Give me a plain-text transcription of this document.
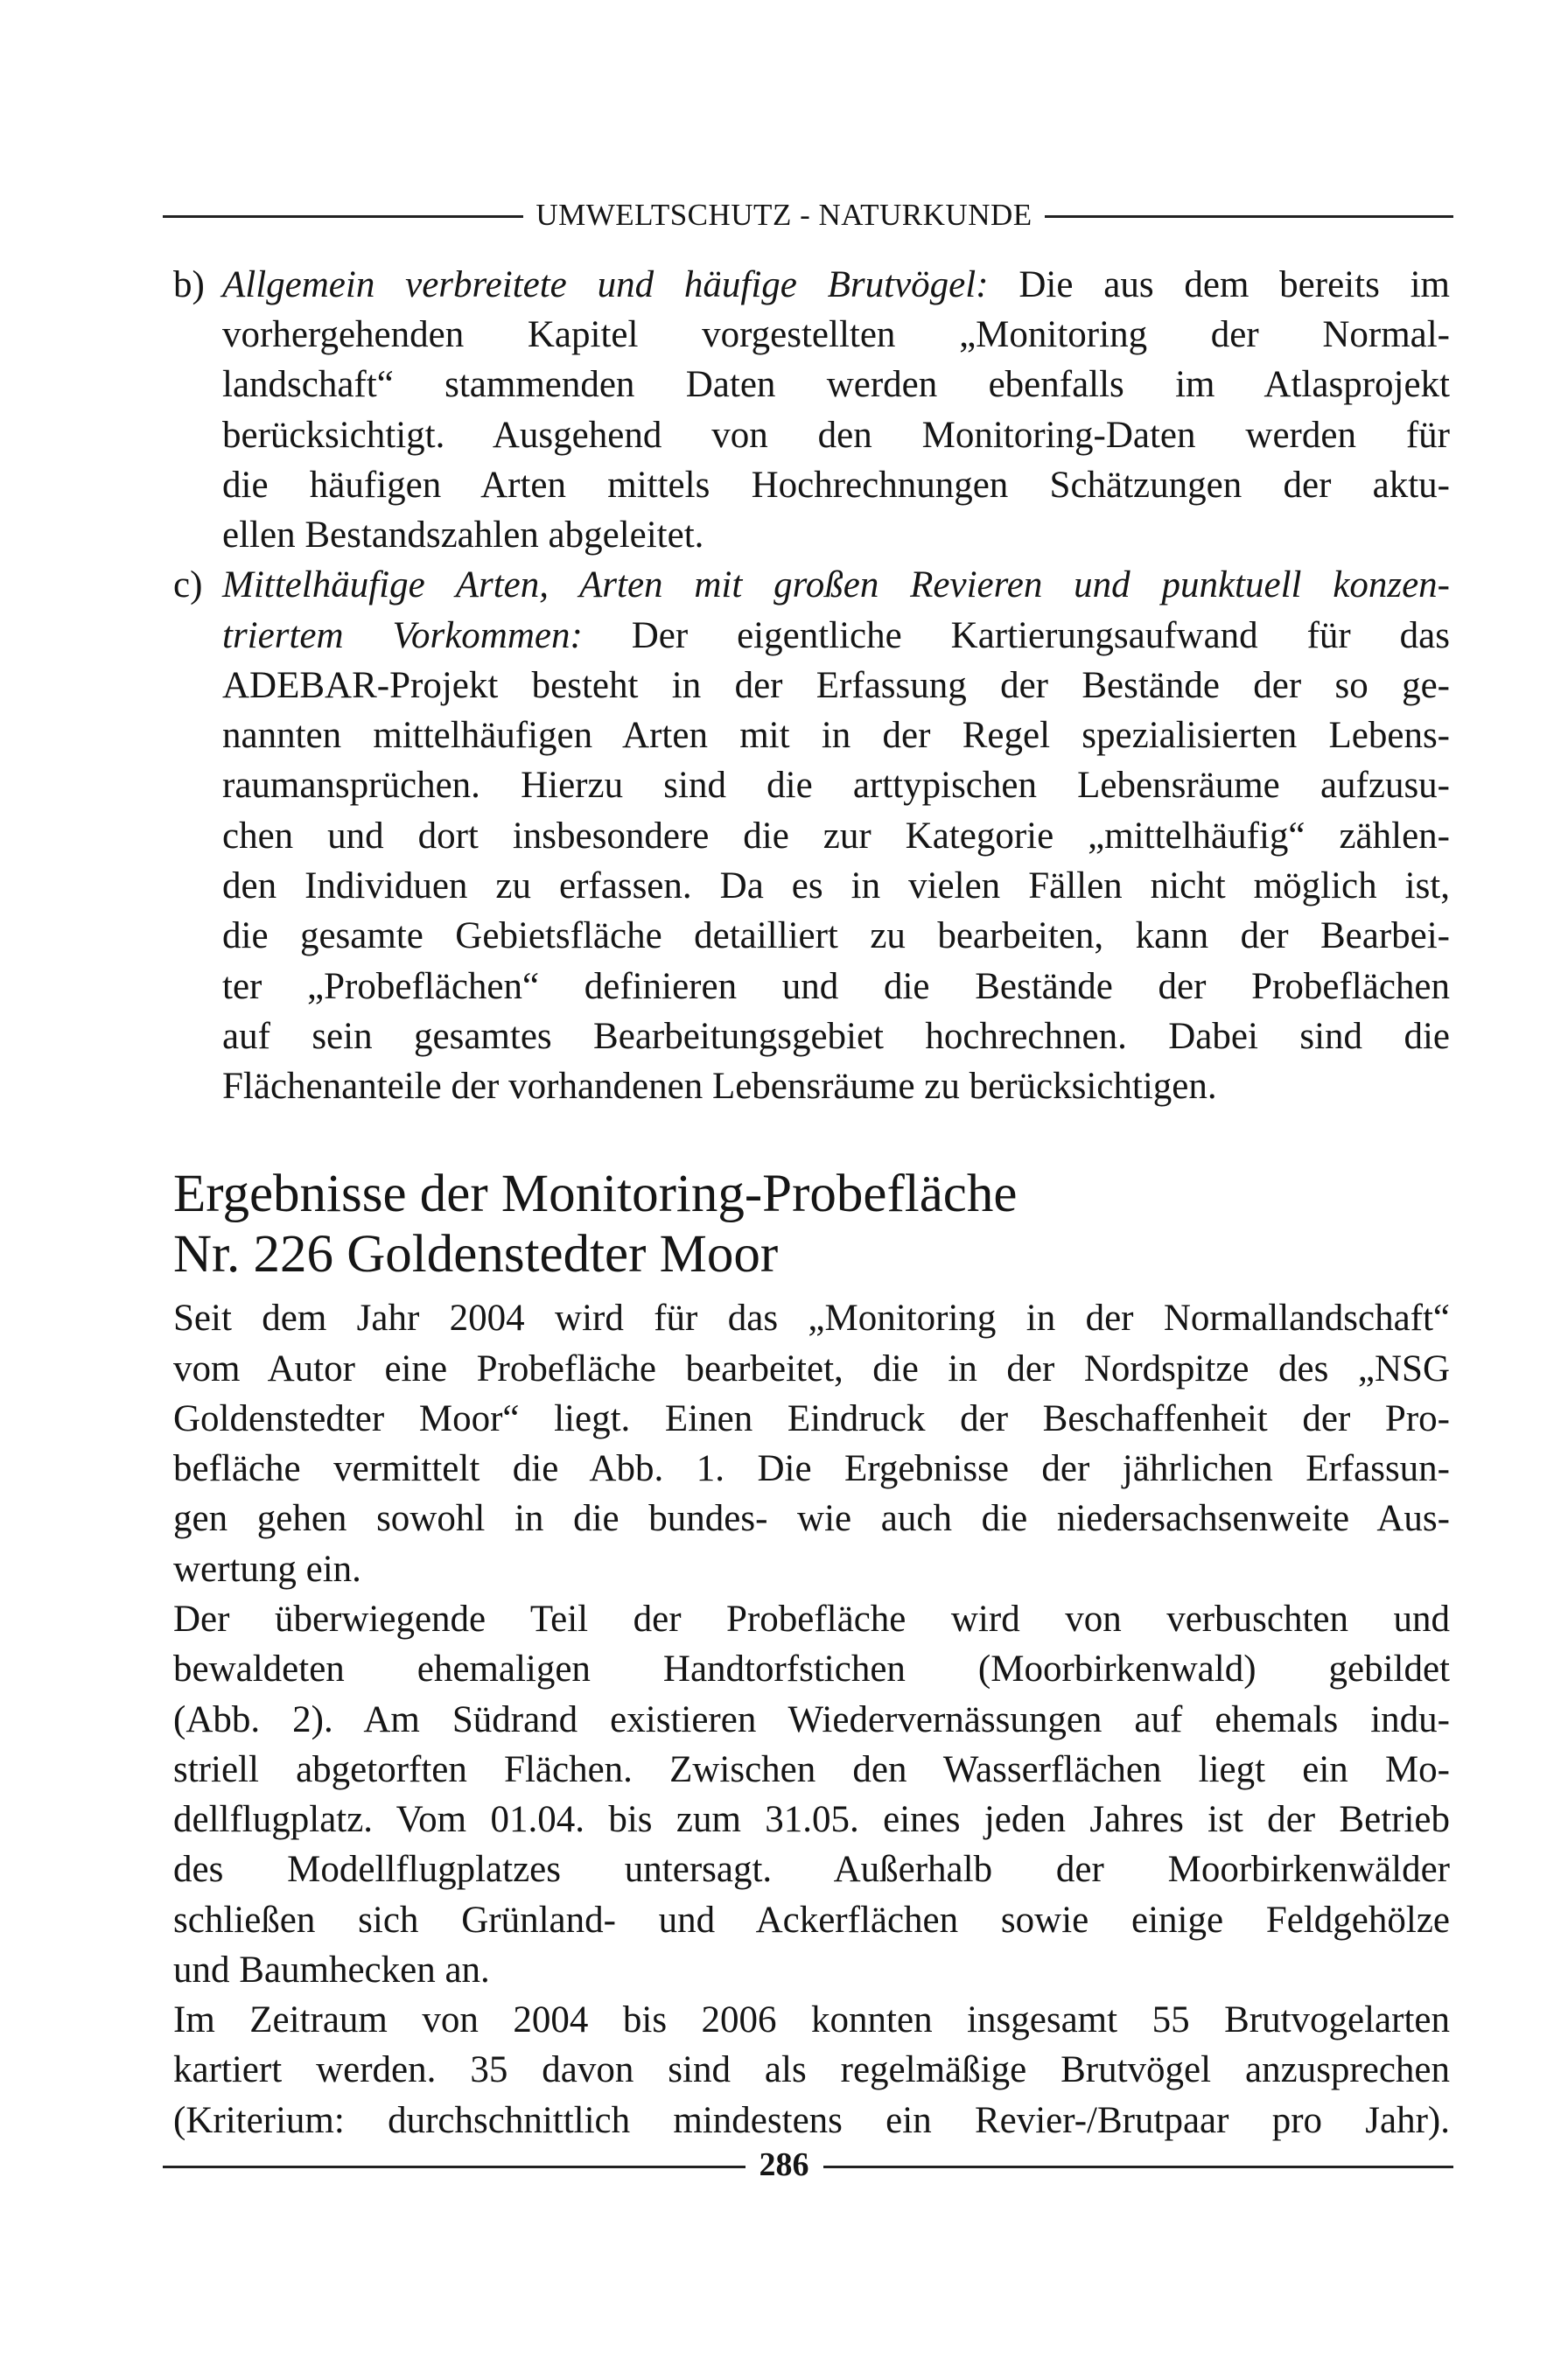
UMWELTSCHUTZ - NATURKUNDE
Allgemein verbreitete und häufige Brutvögel: Die aus dem bereits im
b)
vorhergehenden Kapitel vorgestellten „Monitoring der Normal-
landschaft“ stammenden Daten werden ebenfalls im Atlasprojekt
berücksichtigt. Ausgehend von den Monitoring-Daten werden für
die häufigen Arten mittels Hochrechnungen Schätzungen der aktu-
ellen Bestandszahlen abgeleitet.
Mittelhäufige Arten, Arten mit großen Revieren und punktuell konzen-
c)
triertem Vorkommen: Der eigentliche Kartierungsaufwand für das
ADEBAR-Projekt besteht in der Erfassung der Bestände der so ge-
nannten mittelhäufigen Arten mit in der Regel spezialisierten Lebens-
raumansprüchen. Hierzu sind die arttypischen Lebensräume aufzusu-
chen und dort insbesondere die zur Kategorie „mittelhäufig“ zählen-
den Individuen zu erfassen. Da es in vielen Fällen nicht möglich ist,
die gesamte Gebietsfläche detailliert zu bearbeiten, kann der Bearbei-
ter „Probeflächen“ definieren und die Bestände der Probeflächen
auf sein gesamtes Bearbeitungsgebiet hochrechnen. Dabei sind die
Flächenanteile der vorhandenen Lebensräume zu berücksichtigen.
Ergebnisse der Monitoring-Probefläche
Nr. 226 Goldenstedter Moor
Seit dem Jahr 2004 wird für das „Monitoring in der Normallandschaft“
vom Autor eine Probefläche bearbeitet, die in der Nordspitze des „NSG
Goldenstedter Moor“ liegt. Einen Eindruck der Beschaffenheit der Pro-
befläche vermittelt die Abb. 1. Die Ergebnisse der jährlichen Erfassun-
gen gehen sowohl in die bundes- wie auch die niedersachsenweite Aus-
wertung ein.
Der überwiegende Teil der Probefläche wird von verbuschten und
bewaldeten ehemaligen Handtorfstichen (Moorbirkenwald) gebildet
(Abb. 2). Am Südrand existieren Wiedervernässungen auf ehemals indu-
striell abgetorften Flächen. Zwischen den Wasserflächen liegt ein Mo-
dellflugplatz. Vom 01.04. bis zum 31.05. eines jeden Jahres ist der Betrieb
des Modellflugplatzes untersagt. Außerhalb der Moorbirkenwälder
schließen sich Grünland- und Ackerflächen sowie einige Feldgehölze
und Baumhecken an.
Im Zeitraum von 2004 bis 2006 konnten insgesamt 55 Brutvogelarten
kartiert werden. 35 davon sind als regelmäßige Brutvögel anzusprechen
(Kriterium: durchschnittlich mindestens ein Revier-/Brutpaar pro Jahr).
286
